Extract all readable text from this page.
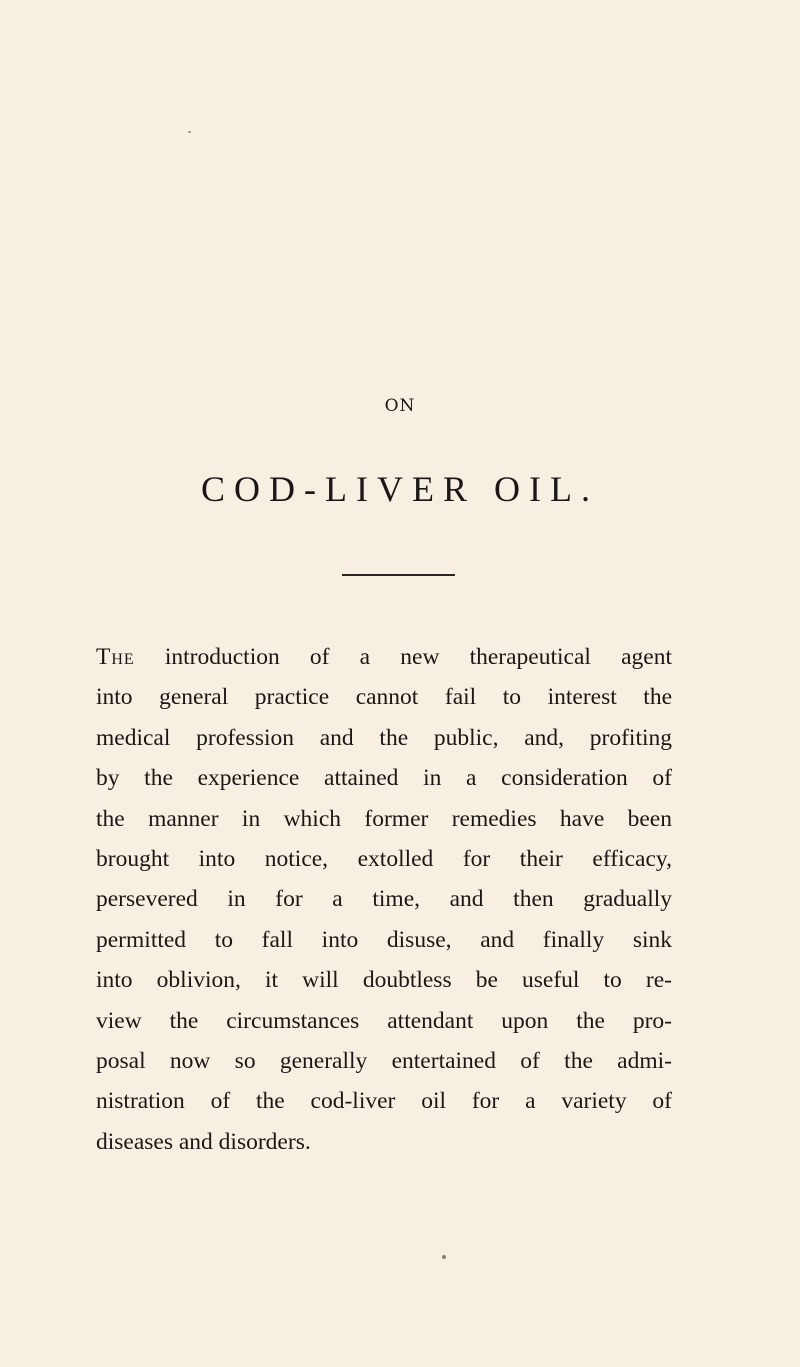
ON
COD-LIVER OIL.
The introduction of a new therapeutical agent
into general practice cannot fail to interest the
medical profession and the public, and, profiting
by the experience attained in a consideration of
the manner in which former remedies have been
brought into notice, extolled for their efficacy,
persevered in for a time, and then gradually
permitted to fall into disuse, and finally sink
into oblivion, it will doubtless be useful to re-
view the circumstances attendant upon the pro-
posal now so generally entertained of the admi-
nistration of the cod-liver oil for a variety of
diseases and disorders.
